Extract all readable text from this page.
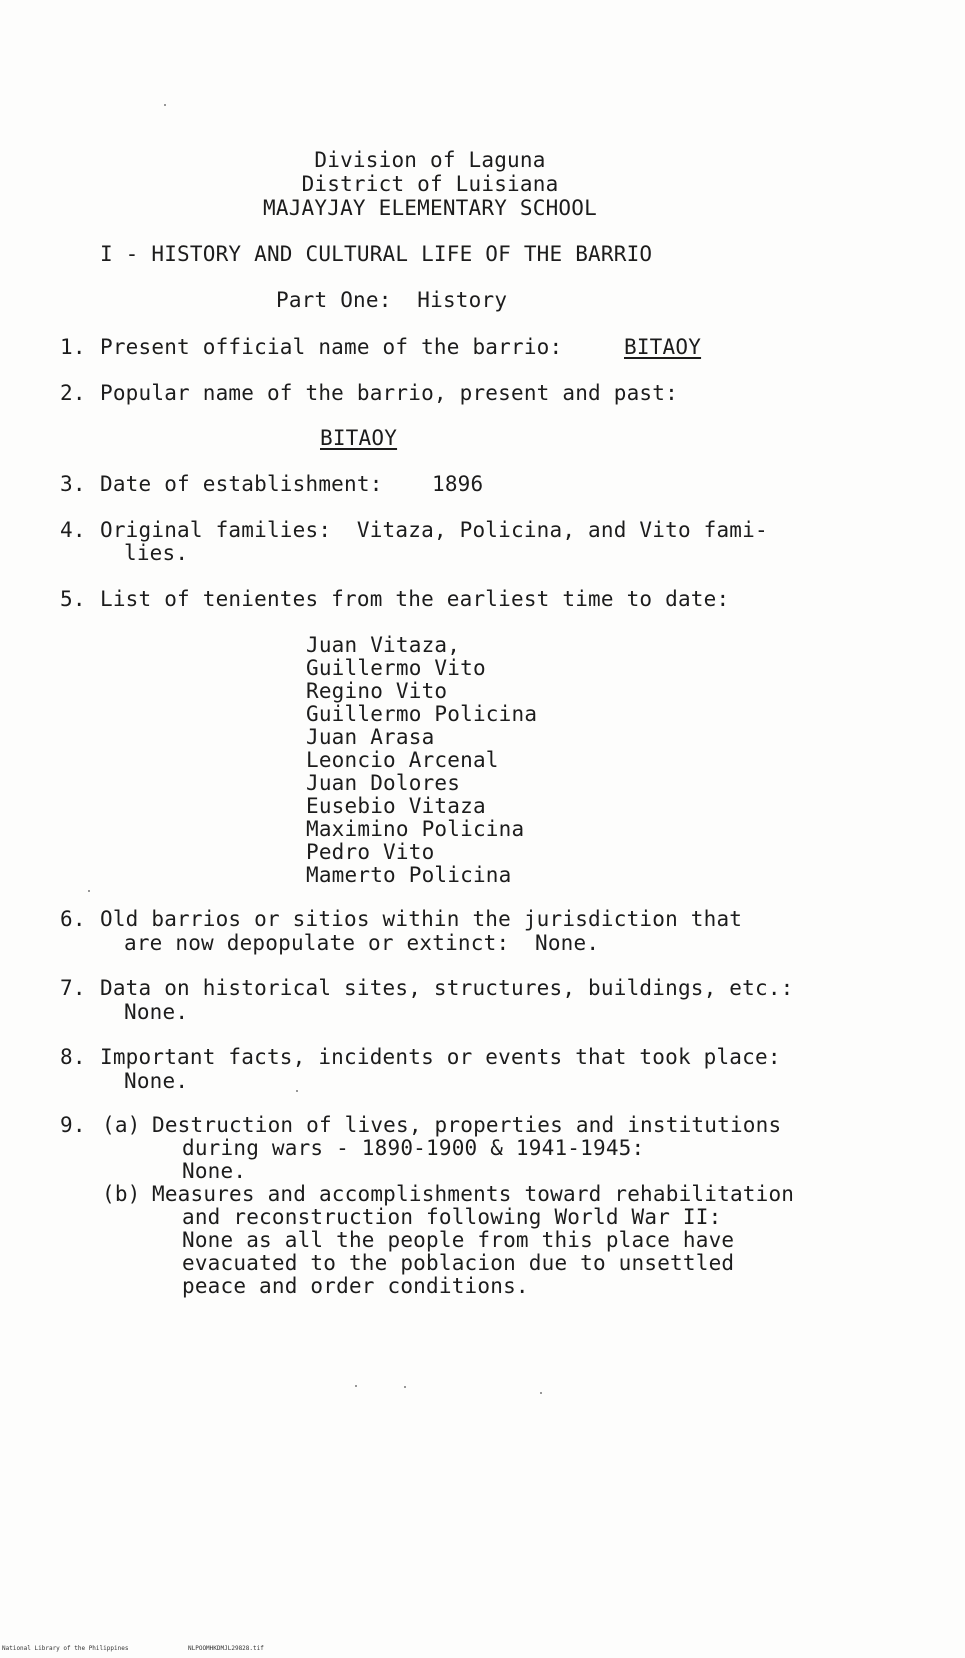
Division of Laguna
District of Luisiana
MAJAYJAY ELEMENTARY SCHOOL
I - HISTORY AND CULTURAL LIFE OF THE BARRIO
Part One:  History
1. Present official name of the barrio:	BITAOY
2. Popular name of the barrio, present and past:
BITAOY
3. Date of establishment: 1896
4. Original families:  Vitaza, Policina, and Vito fami-
lies.
5. List of tenientes from the earliest time to date:
Juan Vitaza,
Guillermo Vito
Regino Vito
Guillermo Policina
Juan Arasa
Leoncio Arcenal
Juan Dolores
Eusebio Vitaza
Maximino Policina
Pedro Vito
Mamerto Policina
6. Old barrios or sitios within the jurisdiction that
are now depopulate or extinct:  None.
7. Data on historical sites, structures, buildings, etc.:
None.
8. Important facts, incidents or events that took place:
None.
9. (a) Destruction of lives, properties and institutions
during wars - 1890-1900 & 1941-1945:
None.
(b) Measures and accomplishments toward rehabilitation
and reconstruction following World War II:
None as all the people from this place have
evacuated to the poblacion due to unsettled
peace and order conditions.
National Library of the Philippines	NLPOOMHKDMJL29828.tif
